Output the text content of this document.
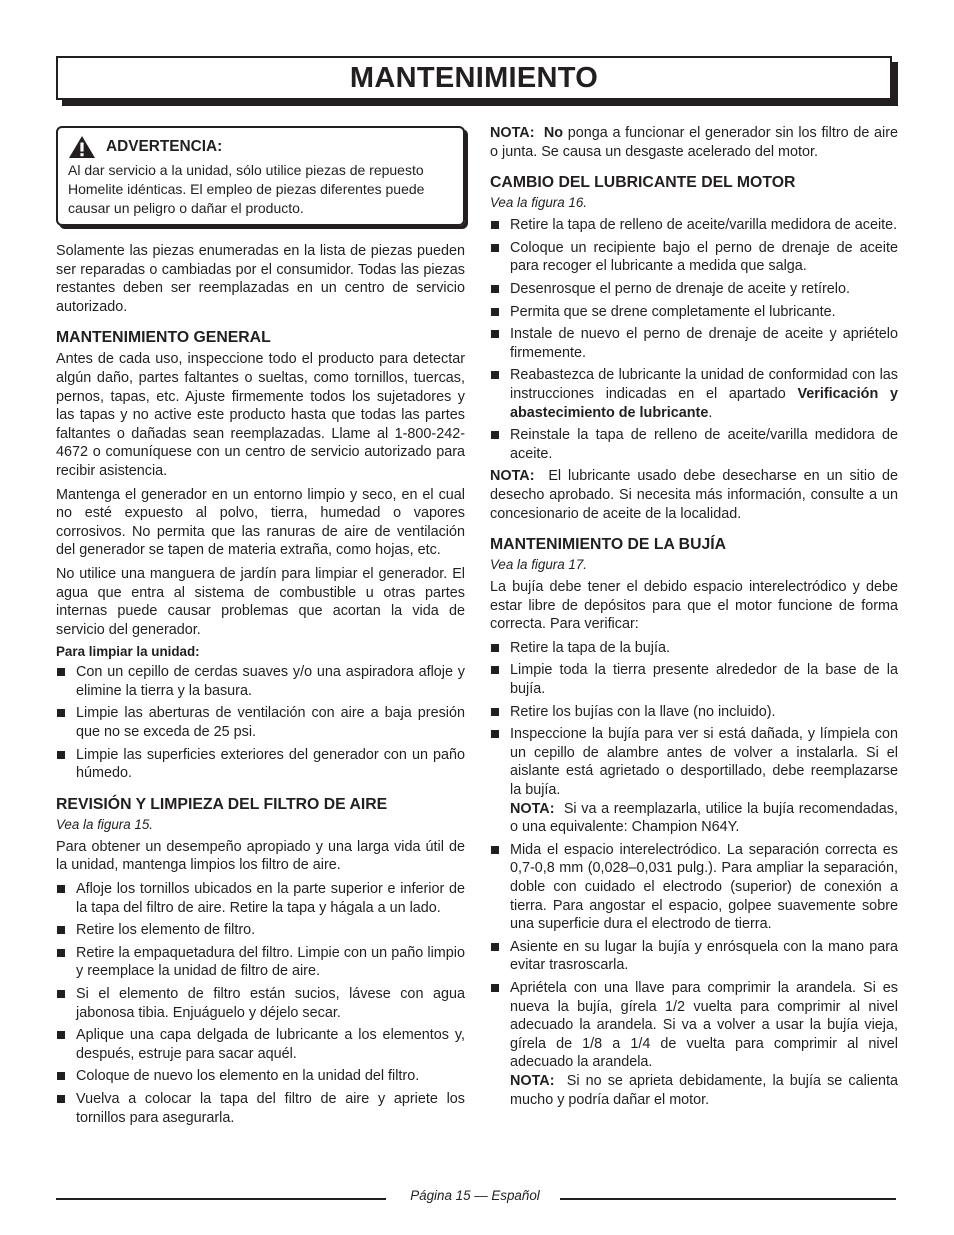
MANTENIMIENTO
ADVERTENCIA:

Al dar servicio a la unidad, sólo utilice piezas de repuesto Homelite idénticas. El empleo de piezas diferentes puede causar un peligro o dañar el producto.

Solamente las piezas enumeradas en la lista de piezas pueden ser reparadas o cambiadas por el consumidor. Todas las piezas restantes deben ser reemplazadas en un centro de servicio autorizado.

MANTENIMIENTO GENERAL

Antes de cada uso, inspeccione todo el producto para detectar algún daño, partes faltantes o sueltas, como tornillos, tuercas, pernos, tapas, etc. Ajuste firmemente todos los sujetadores y las tapas y no active este producto hasta que todas las partes faltantes o dañadas sean reemplazadas. Llame al 1-800-242-4672 o comuníquese con un centro de servicio autorizado para recibir asistencia.

Mantenga el generador en un entorno limpio y seco, en el cual no esté expuesto al polvo, tierra, humedad o vapores corrosivos. No permita que las ranuras de aire de ventilación del generador se tapen de materia extraña, como hojas, etc.

No utilice una manguera de jardín para limpiar el generador. El agua que entra al sistema de combustible u otras partes internas puede causar problemas que acortan la vida de servicio del generador.

Para limpiar la unidad:
Con un cepillo de cerdas suaves y/o una aspiradora afloje y elimine la tierra y la basura.
Limpie las aberturas de ventilación con aire a baja presión que no se exceda de 25 psi.
Limpie las superficies exteriores del generador con un paño húmedo.
REVISIÓN Y LIMPIEZA DEL FILTRO DE AIRE
Vea la figura 15.

Para obtener un desempeño apropiado y una larga vida útil de la unidad, mantenga limpios los filtro de aire.

Afloje los tornillos ubicados en la parte superior e inferior de la tapa del filtro de aire. Retire la tapa y hágala a un lado.
Retire los elemento de filtro.
Retire la empaquetadura del filtro. Limpie con un paño limpio y reemplace la unidad de filtro de aire.
Si el elemento de filtro están sucios, lávese con agua jabonosa tibia. Enjuáguelo y déjelo secar.
Aplique una capa delgada de lubricante a los elementos y, después, estruje para sacar aquél.
Coloque de nuevo los elemento en la unidad del filtro.
Vuelva a colocar la tapa del filtro de aire y apriete los tornillos para asegurarla.

NOTA: No ponga a funcionar el generador sin los filtro de aire o junta. Se causa un desgaste acelerado del motor.

CAMBIO DEL LUBRICANTE DEL MOTOR
Vea la figura 16.
Retire la tapa de relleno de aceite/varilla medidora de aceite.
Coloque un recipiente bajo el perno de drenaje de aceite para recoger el lubricante a medida que salga.
Desenrosque el perno de drenaje de aceite y retírelo.
Permita que se drene completamente el lubricante.
Instale de nuevo el perno de drenaje de aceite y apriételo firmemente.
Reabastezca de lubricante la unidad de conformidad con las instrucciones indicadas en el apartado Verificación y abastecimiento de lubricante.
Reinstale la tapa de relleno de aceite/varilla medidora de aceite.

NOTA: El lubricante usado debe desecharse en un sitio de desecho aprobado. Si necesita más información, consulte a un concesionario de aceite de la localidad.

MANTENIMIENTO DE LA BUJÍA
Vea la figura 17.

La bujía debe tener el debido espacio interelectródico y debe estar libre de depósitos para que el motor funcione de forma correcta. Para verificar:

Retire la tapa de la bujía.
Limpie toda la tierra presente alrededor de la base de la bujía.
Retire los bujías con la llave (no incluido).
Inspeccione la bujía para ver si está dañada, y límpiela con un cepillo de alambre antes de volver a instalarla. Si el aislante está agrietado o desportillado, debe reemplazarse la bujía.
NOTA: Si va a reemplazarla, utilice la bujía recomendadas, o una equivalente: Champion N64Y.
Mida el espacio interelectródico. La separación correcta es 0,7-0,8 mm (0,028–0,031 pulg.). Para ampliar la separación, doble con cuidado el electrodo (superior) de conexión a tierra. Para angostar el espacio, golpee suavemente sobre una superficie dura el electrodo de tierra.
Asiente en su lugar la bujía y enrósquela con la mano para evitar trasroscarla.
Apriétela con una llave para comprimir la arandela. Si es nueva la bujía, gírela 1/2 vuelta para comprimir al nivel adecuado la arandela. Si va a volver a usar la bujía vieja, gírela de 1/8 a 1/4 de vuelta para comprimir al nivel adecuado la arandela.
NOTA: Si no se aprieta debidamente, la bujía se calienta mucho y podría dañar el motor.
Página 15 — Español
